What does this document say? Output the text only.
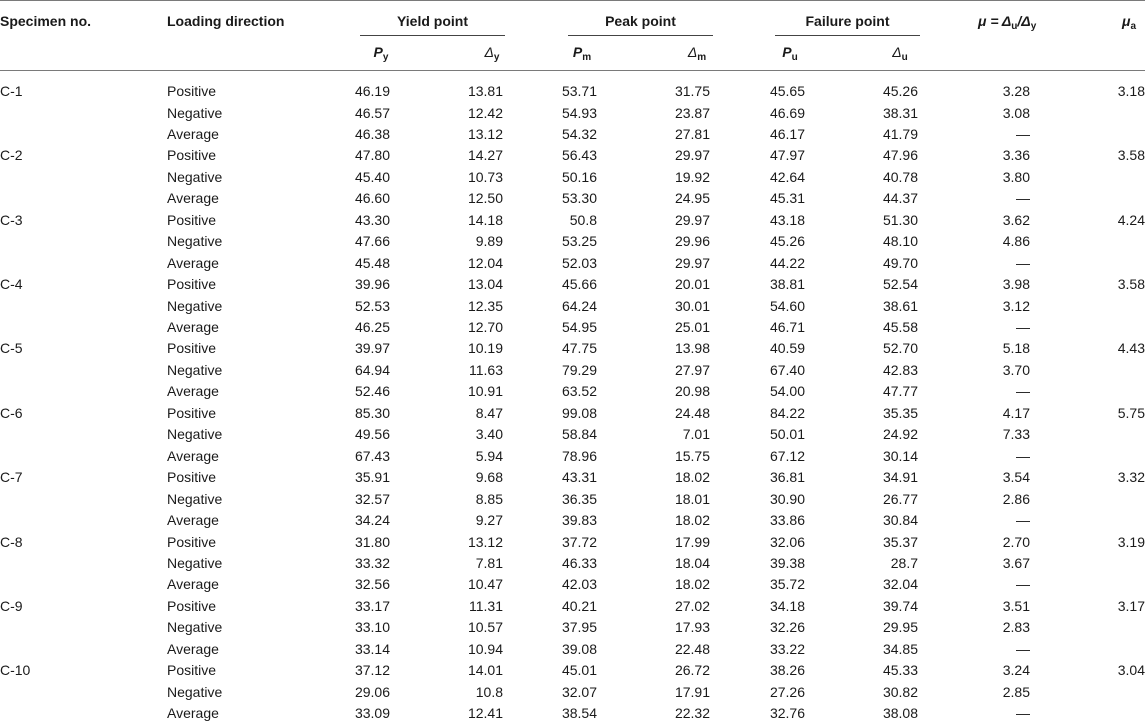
Specimen no.	Loading direction	Yield point	Peak point	Failure point	$\mu = \Delta_u/\Delta_y$	$\mu_a$
$P_y$	$\Delta_y$	$P_m$	$\Delta_m$	$P_u$	$\Delta_u$
C-1	Positive	46.19	13.81	53.71	31.75	45.65	45.26	3.28	3.18
Negative	46.57	12.42	54.93	23.87	46.69	38.31	3.08
Average	46.38	13.12	54.32	27.81	46.17	41.79	—
C-2	Positive	47.80	14.27	56.43	29.97	47.97	47.96	3.36	3.58
Negative	45.40	10.73	50.16	19.92	42.64	40.78	3.80
Average	46.60	12.50	53.30	24.95	45.31	44.37	—
C-3	Positive	43.30	14.18	50.8	29.97	43.18	51.30	3.62	4.24
Negative	47.66	9.89	53.25	29.96	45.26	48.10	4.86
Average	45.48	12.04	52.03	29.97	44.22	49.70	—
C-4	Positive	39.96	13.04	45.66	20.01	38.81	52.54	3.98	3.58
Negative	52.53	12.35	64.24	30.01	54.60	38.61	3.12
Average	46.25	12.70	54.95	25.01	46.71	45.58	—
C-5	Positive	39.97	10.19	47.75	13.98	40.59	52.70	5.18	4.43
Negative	64.94	11.63	79.29	27.97	67.40	42.83	3.70
Average	52.46	10.91	63.52	20.98	54.00	47.77	—
C-6	Positive	85.30	8.47	99.08	24.48	84.22	35.35	4.17	5.75
Negative	49.56	3.40	58.84	7.01	50.01	24.92	7.33
Average	67.43	5.94	78.96	15.75	67.12	30.14	—
C-7	Positive	35.91	9.68	43.31	18.02	36.81	34.91	3.54	3.32
Negative	32.57	8.85	36.35	18.01	30.90	26.77	2.86
Average	34.24	9.27	39.83	18.02	33.86	30.84	—
C-8	Positive	31.80	13.12	37.72	17.99	32.06	35.37	2.70	3.19
Negative	33.32	7.81	46.33	18.04	39.38	28.7	3.67
Average	32.56	10.47	42.03	18.02	35.72	32.04	—
C-9	Positive	33.17	11.31	40.21	27.02	34.18	39.74	3.51	3.17
Negative	33.10	10.57	37.95	17.93	32.26	29.95	2.83
Average	33.14	10.94	39.08	22.48	33.22	34.85	—
C-10	Positive	37.12	14.01	45.01	26.72	38.26	45.33	3.24	3.04
Negative	29.06	10.8	32.07	17.91	27.26	30.82	2.85
Average	33.09	12.41	38.54	22.32	32.76	38.08	—
